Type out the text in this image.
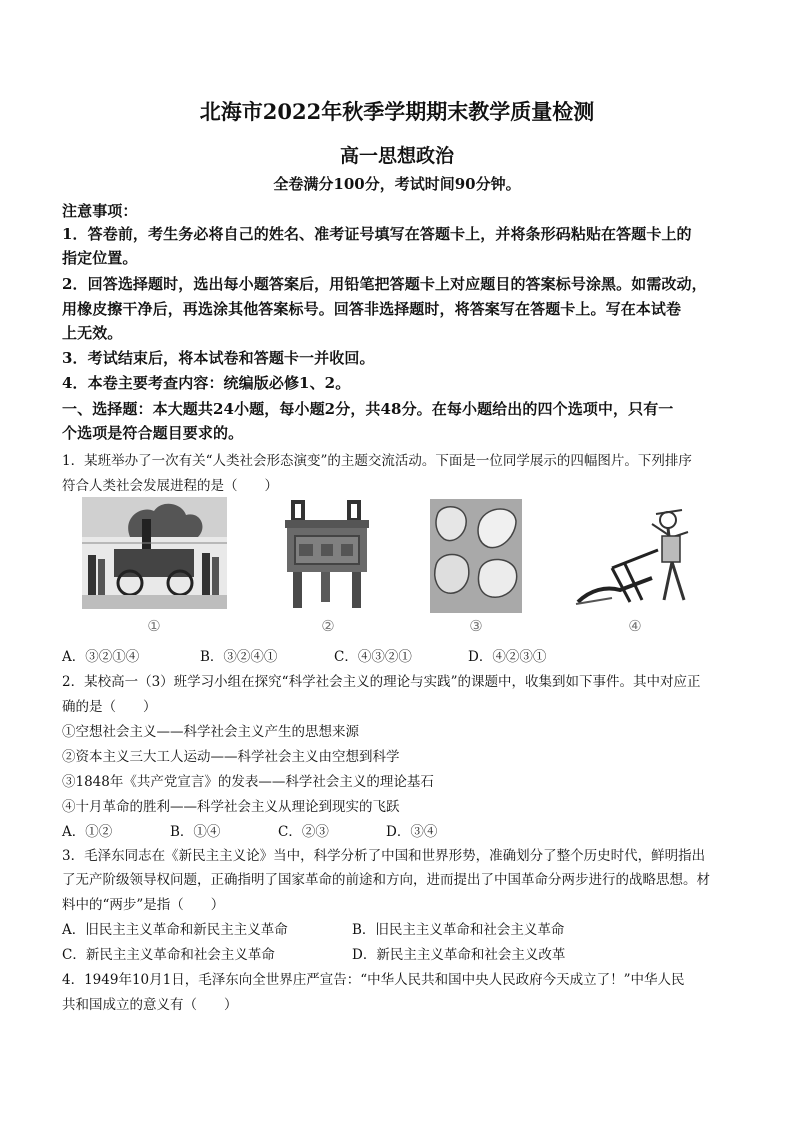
北海市2022年秋季学期期末教学质量检测
高一思想政治
全卷满分100分，考试时间90分钟。
注意事项：
1．答卷前，考生务必将自己的姓名、准考证号填写在答题卡上，并将条形码粘贴在答题卡上的
指定位置。
2．回答选择题时，选出每小题答案后，用铅笔把答题卡上对应题目的答案标号涂黑。如需改动，
用橡皮擦干净后，再选涂其他答案标号。回答非选择题时，将答案写在答题卡上。写在本试卷
上无效。
3．考试结束后，将本试卷和答题卡一并收回。
4．本卷主要考查内容：统编版必修1、2。
一、选择题：本大题共24小题，每小题2分，共48分。在每小题给出的四个选项中，只有一
个选项是符合题目要求的。
1．某班举办了一次有关“人类社会形态演变”的主题交流活动。下面是一位同学展示的四幅图片。下列排序
符合人类社会发展进程的是（　　）
①	②	③	④
A．③②①④	B．③②④①	C．④③②①	D．④②③①
2．某校高一（3）班学习小组在探究“科学社会主义的理论与实践”的课题中，收集到如下事件。其中对应正
确的是（　　）
①空想社会主义——科学社会主义产生的思想来源
②资本主义三大工人运动——科学社会主义由空想到科学
③1848年《共产党宣言》的发表——科学社会主义的理论基石
④十月革命的胜利——科学社会主义从理论到现实的飞跃
A．①②	B．①④	C．②③	D．③④
3．毛泽东同志在《新民主主义论》当中，科学分析了中国和世界形势，准确划分了整个历史时代，鲜明指出
了无产阶级领导权问题，正确指明了国家革命的前途和方向，进而提出了中国革命分两步进行的战略思想。材
料中的“两步”是指（　　）
A．旧民主主义革命和新民主主义革命	B．旧民主主义革命和社会主义革命
C．新民主主义革命和社会主义革命	D．新民主主义革命和社会主义改革
4．1949年10月1日，毛泽东向全世界庄严宣告：“中华人民共和国中央人民政府今天成立了！”中华人民
共和国成立的意义有（　　）
